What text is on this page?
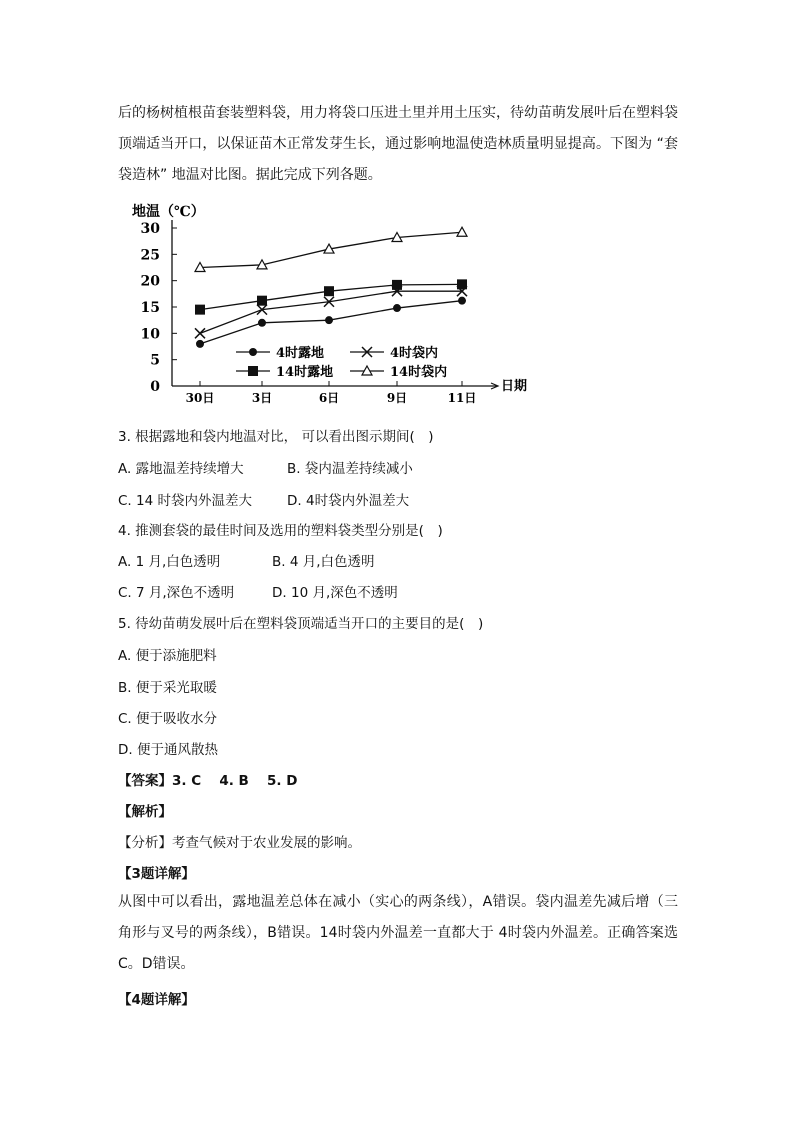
后的杨树植根苗套装塑料袋，用力将袋口压进土里并用土压实，待幼苗萌发展叶后在塑料袋顶端适当开口，以保证苗木正常发芽生长，通过影响地温使造林质量明显提高。下图为 “套袋造林” 地温对比图。据此完成下列各题。
地温（℃）
0
5
10
15
20
25
30
30日	3日	6日	9日	11日
日期
4时露地	4时袋内
14时露地	14时袋内
3. 根据露地和袋内地温对比， 可以看出图示期间(　)
A. 露地温差持续增大	B. 袋内温差持续减小
C. 14 时袋内外温差大	D. 4时袋内外温差大
4. 推测套袋的最佳时间及选用的塑料袋类型分别是(　)
A. 1 月,白色透明	B. 4 月,白色透明
C. 7 月,深色不透明	D. 10 月,深色不透明
5. 待幼苗萌发展叶后在塑料袋顶端适当开口的主要目的是(　)
A. 便于添施肥料
B. 便于采光取暖
C. 便于吸收水分
D. 便于通风散热
【答案】3. C　 4. B　 5. D
【解析】
【分析】考查气候对于农业发展的影响。
【3题详解】
从图中可以看出，露地温差总体在减小（实心的两条线），A错误。袋内温差先减后增（三角形与叉号的两条线），B错误。14时袋内外温差一直都大于 4时袋内外温差。正确答案选C。D错误。
【4题详解】
